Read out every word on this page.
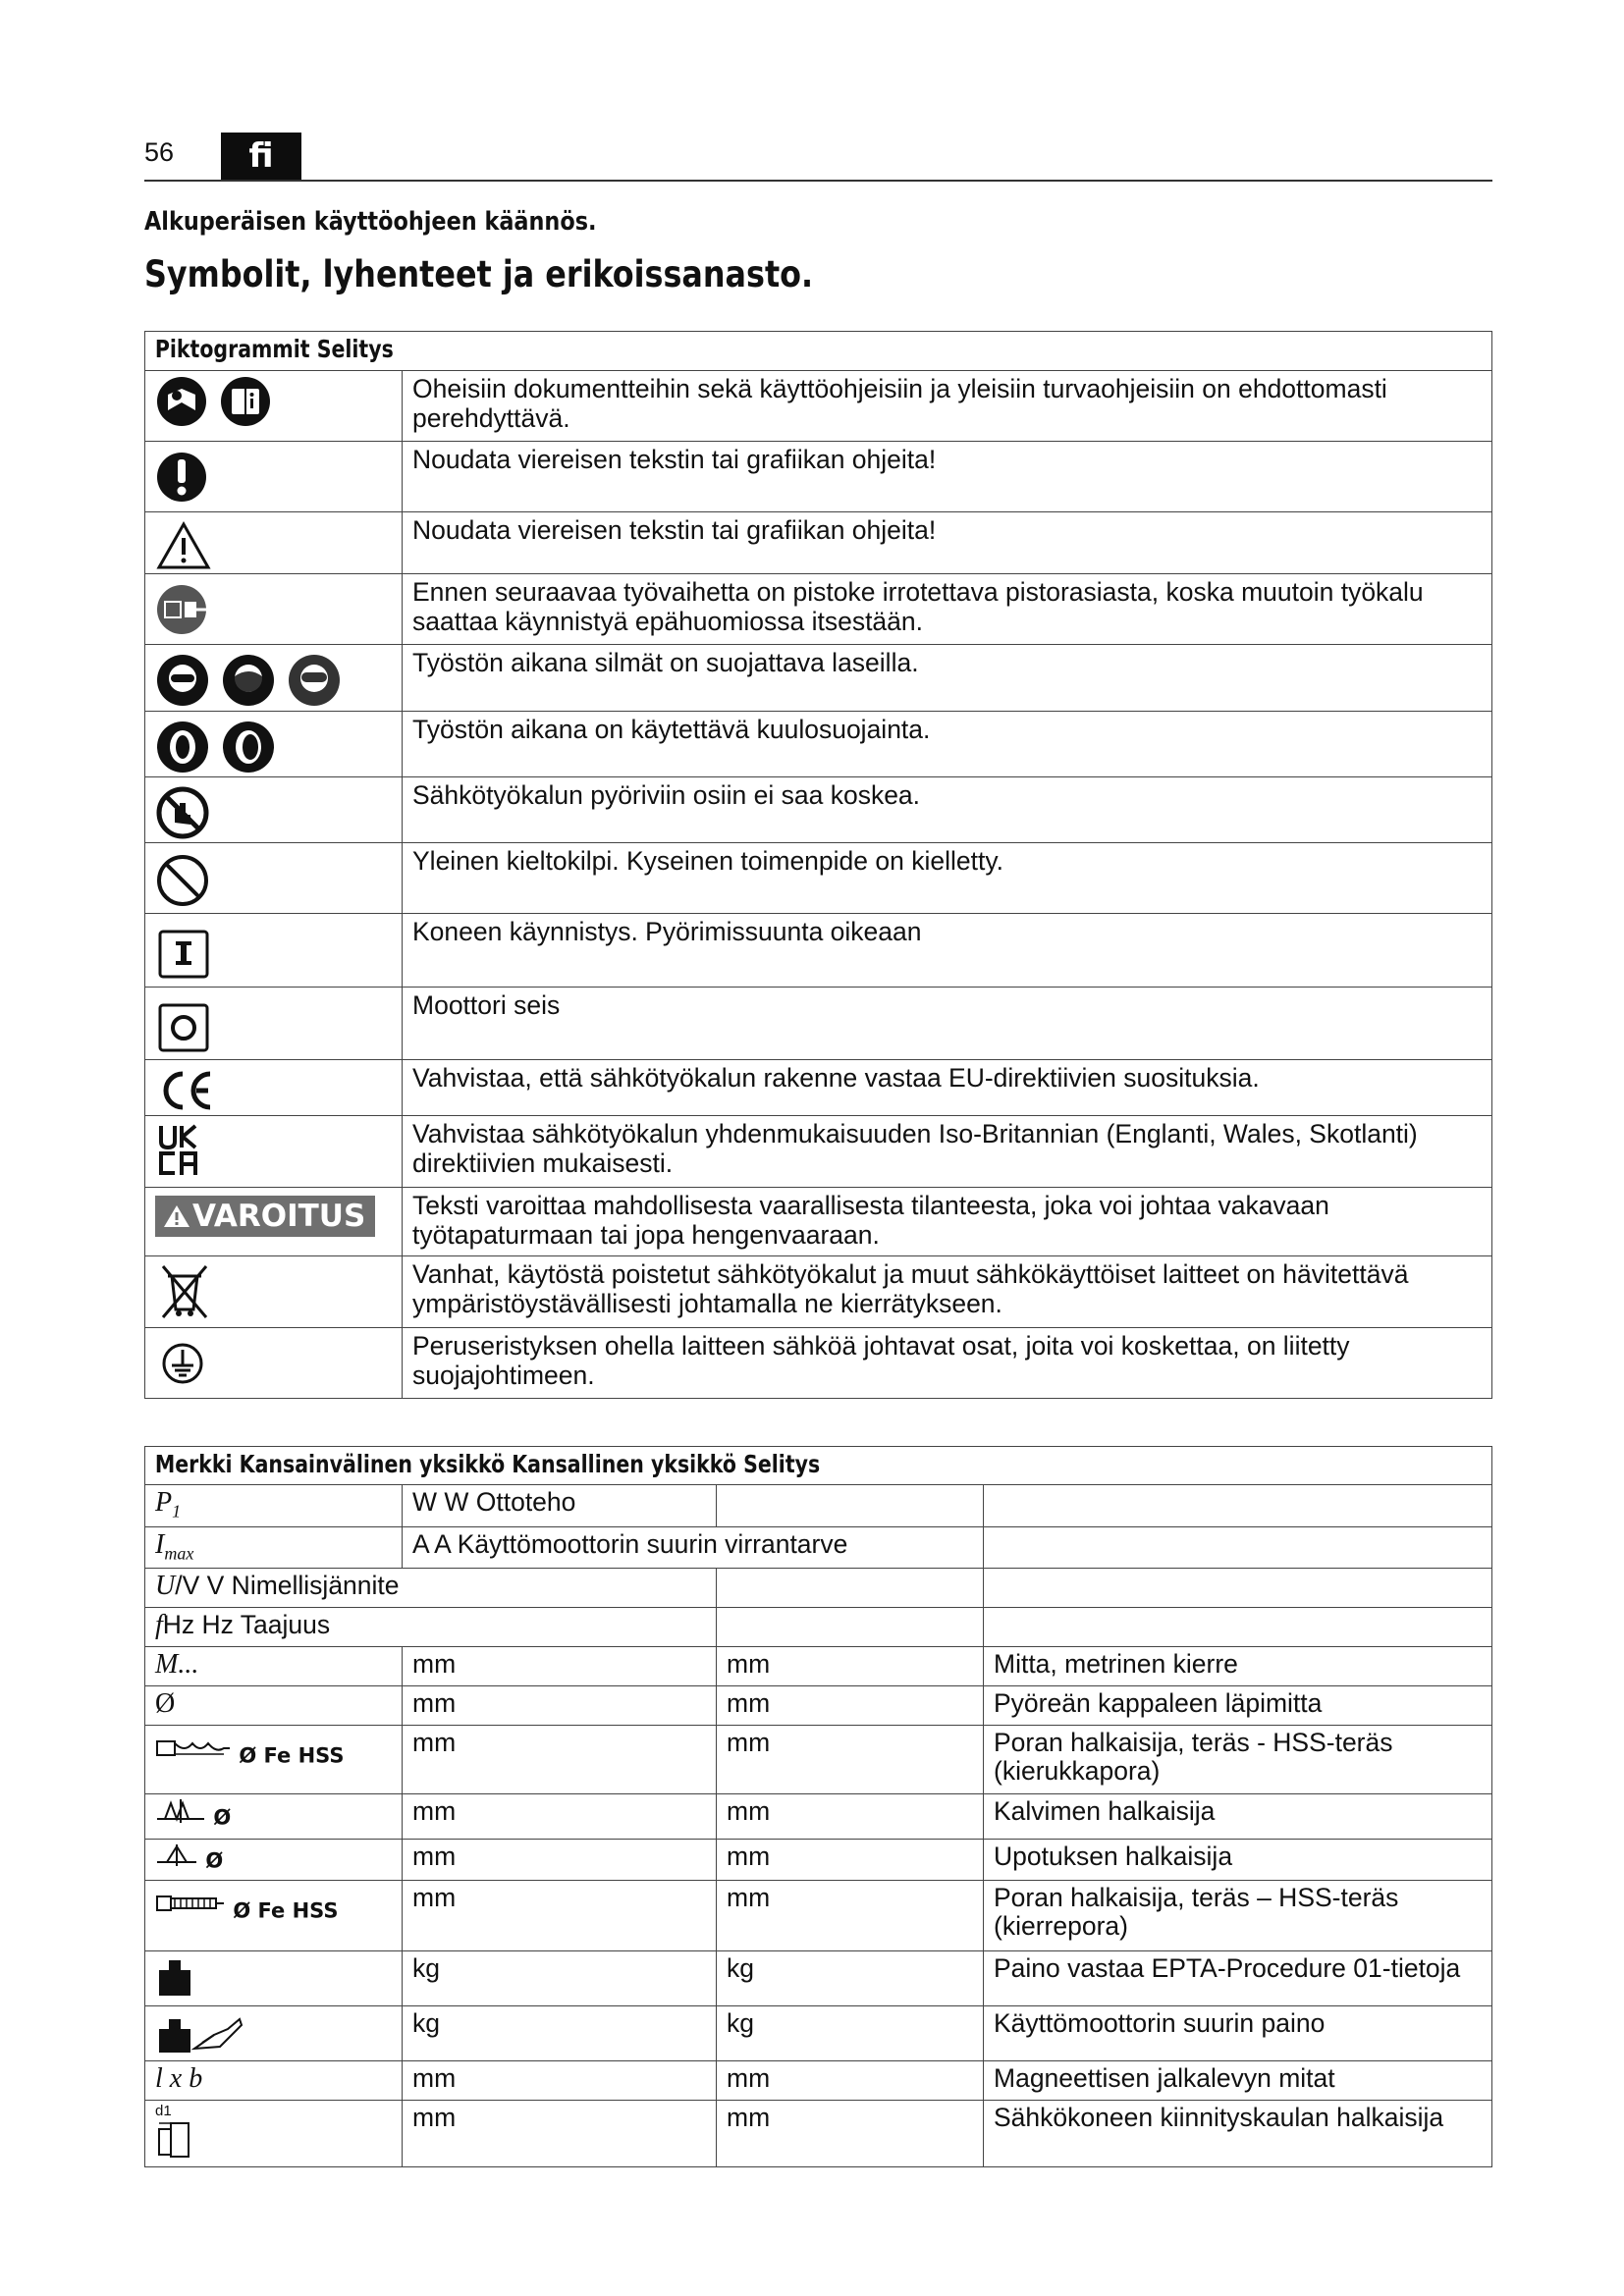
56	fi
Alkuperäisen käyttöohjeen käännös.
Symbolit, lyhenteet ja erikoissanasto.
Piktogrammit Selitys	
	Oheisiin dokumentteihin sekä käyttöohjeisiin ja yleisiin turvaohjeisiin on ehdottomasti perehdyttävä.
	Noudata viereisen tekstin tai grafiikan ohjeita!
	Noudata viereisen tekstin tai grafiikan ohjeita!
	Ennen seuraavaa työvaihetta on pistoke irrotettava pistorasiasta, koska muutoin työkalu saattaa käynnistyä epähuomiossa itsestään.
	Työstön aikana silmät on suojattava laseilla.
	Työstön aikana on käytettävä kuulosuojainta.
	Sähkötyökalun pyöriviin osiin ei saa koskea.
	Yleinen kieltokilpi. Kyseinen toimenpide on kielletty.
	Koneen käynnistys. Pyörimissuunta oikeaan
	Moottori seis
	Vahvistaa, että sähkötyökalun rakenne vastaa EU-direktiivien suosituksia.
	Vahvistaa sähkötyökalun yhdenmukaisuuden Iso-Britannian (Englanti, Wales, Skotlanti) direktiivien mukaisesti.
VAROITUS	Teksti varoittaa mahdollisesta vaarallisesta tilanteesta, joka voi johtaa vakavaan työtapaturmaan tai jopa hengenvaaraan.
	Vanhat, käytöstä poistetut sähkötyökalut ja muut sähkökäyttöiset laitteet on hävitettävä ympäristöystävällisesti johtamalla ne kierrätykseen.
	Peruseristyksen ohella laitteen sähköä johtavat osat, joita voi koskettaa, on liitetty suojajohtimeen.
Merkki Kansainvälinen yksikkö Kansallinen yksikkö Selitys			
$P_1$	W W Ottoteho		
$I_{max}$	A A Käyttömoottorin suurin virrantarve		
U/V V Nimellisjännite			
fHz Hz Taajuus			
M...	mm	mm	Mitta, metrinen kierre
Ø	mm	mm	Pyöreän kappaleen läpimitta
Ø Fe HSS	mm	mm	Poran halkaisija, teräs - HSS-teräs (kierukkapora)
Ø	mm	mm	Kalvimen halkaisija
Ø	mm	mm	Upotuksen halkaisija
Ø Fe HSS	mm	mm	Poran halkaisija, teräs – HSS-teräs (kierrepora)
	kg	kg	Paino vastaa EPTA-Procedure 01-tietoja
	kg	kg	Käyttömoottorin suurin paino
l x b	mm	mm	Magneettisen jalkalevyn mitat

d1	mm	mm	Sähkökoneen kiinnityskaulan halkaisija
